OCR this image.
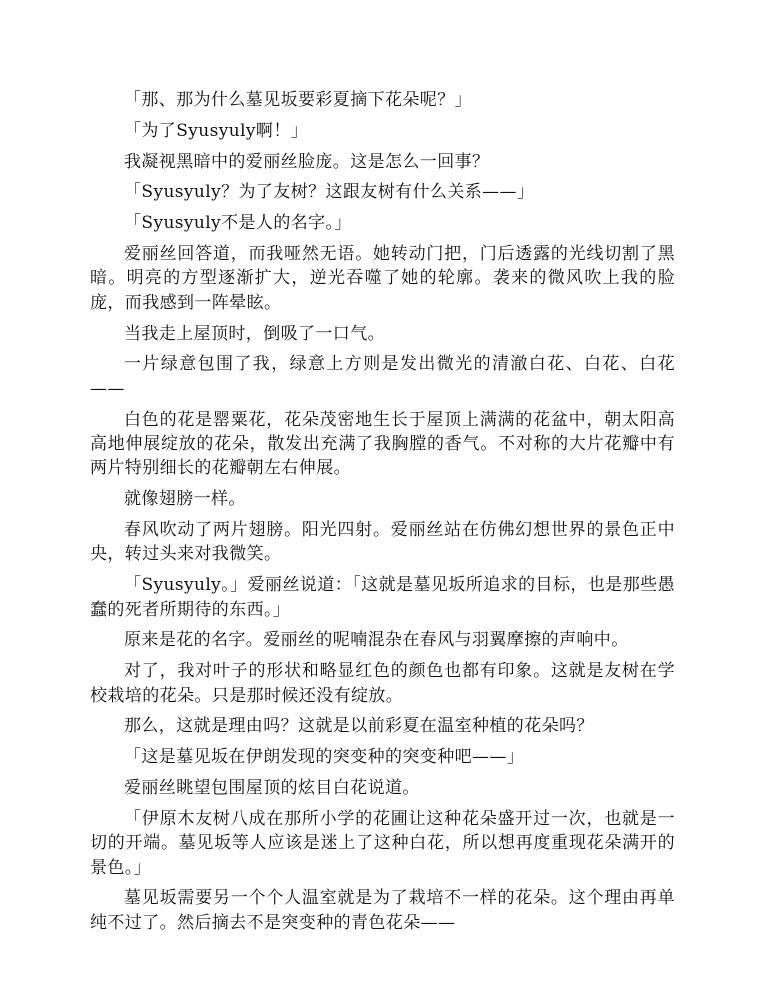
「那、那为什么墓见坂要彩夏摘下花朵呢？」

「为了Syusyuly啊！」

我凝视黑暗中的爱丽丝脸庞。这是怎么一回事？

「Syusyuly？为了友树？这跟友树有什么关系——」

「Syusyuly不是人的名字。」

爱丽丝回答道，而我哑然无语。她转动门把，门后透露的光线切割了黑暗。明亮的方型逐渐扩大，逆光吞噬了她的轮廓。袭来的微风吹上我的脸庞，而我感到一阵晕眩。

当我走上屋顶时，倒吸了一口气。

一片绿意包围了我，绿意上方则是发出微光的清澈白花、白花、白花——

白色的花是罂粟花，花朵茂密地生长于屋顶上满满的花盆中，朝太阳高高地伸展绽放的花朵，散发出充满了我胸膛的香气。不对称的大片花瓣中有两片特别细长的花瓣朝左右伸展。

就像翅膀一样。

春风吹动了两片翅膀。阳光四射。爱丽丝站在仿佛幻想世界的景色正中央，转过头来对我微笑。

「Syusyuly。」爱丽丝说道：「这就是墓见坂所追求的目标，也是那些愚蠢的死者所期待的东西。」

原来是花的名字。爱丽丝的呢喃混杂在春风与羽翼摩擦的声响中。

对了，我对叶子的形状和略显红色的颜色也都有印象。这就是友树在学校栽培的花朵。只是那时候还没有绽放。

那么，这就是理由吗？这就是以前彩夏在温室种植的花朵吗？

「这是墓见坂在伊朗发现的突变种的突变种吧——」

爱丽丝眺望包围屋顶的炫目白花说道。

「伊原木友树八成在那所小学的花圃让这种花朵盛开过一次，也就是一切的开端。墓见坂等人应该是迷上了这种白花，所以想再度重现花朵满开的景色。」

墓见坂需要另一个个人温室就是为了栽培不一样的花朵。这个理由再单纯不过了。然后摘去不是突变种的青色花朵——
